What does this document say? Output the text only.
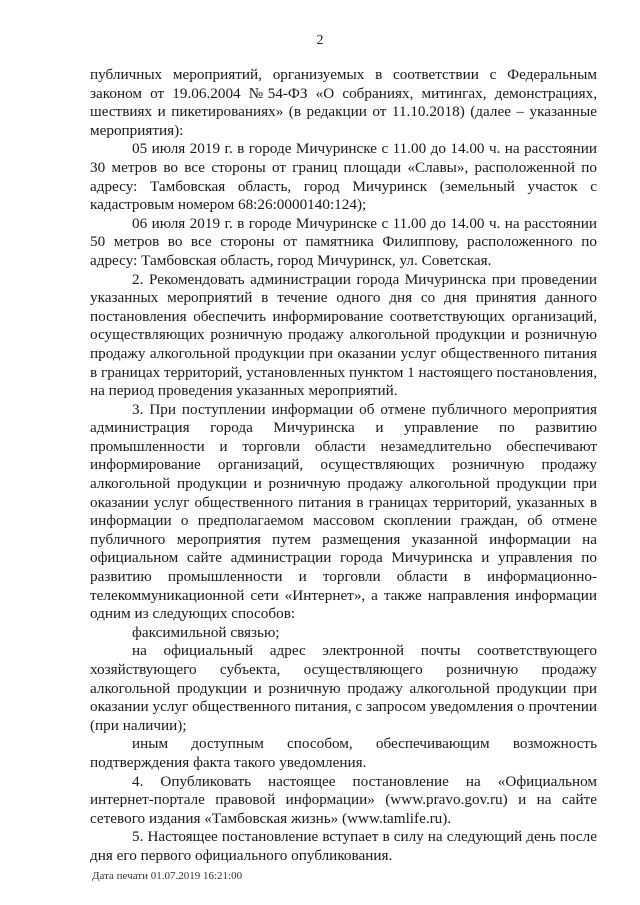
2

публичных мероприятий, организуемых в соответствии с Федеральным законом от 19.06.2004 №54-ФЗ «О собраниях, митингах, демонстрациях, шествиях и пикетированиях» (в редакции от 11.10.2018) (далее – указанные мероприятия):

05 июля 2019 г. в городе Мичуринске с 11.00 до 14.00 ч. на расстоянии 30 метров во все стороны от границ площади «Славы», расположенной по адресу: Тамбовская область, город Мичуринск (земельный участок с кадастровым номером 68:26:0000140:124);

06 июля 2019 г. в городе Мичуринске с 11.00 до 14.00 ч. на расстоянии 50 метров во все стороны от памятника Филиппову, расположенного по адресу: Тамбовская область, город Мичуринск, ул. Советская.

2. Рекомендовать администрации города Мичуринска при проведении указанных мероприятий в течение одного дня со дня принятия данного постановления обеспечить информирование соответствующих организаций, осуществляющих розничную продажу алкогольной продукции и розничную продажу алкогольной продукции при оказании услуг общественного питания в границах территорий, установленных пунктом 1 настоящего постановления, на период проведения указанных мероприятий.

3. При поступлении информации об отмене публичного мероприятия администрация города Мичуринска и управление по развитию промышленности и торговли области незамедлительно обеспечивают информирование организаций, осуществляющих розничную продажу алкогольной продукции и розничную продажу алкогольной продукции при оказании услуг общественного питания в границах территорий, указанных в информации о предполагаемом массовом скоплении граждан, об отмене публичного мероприятия путем размещения указанной информации на официальном сайте администрации города Мичуринска и управления по развитию промышленности и торговли области в информационно-телекоммуникационной сети «Интернет», а также направления информации одним из следующих способов:

факсимильной связью;

на официальный адрес электронной почты соответствующего хозяйствующего субъекта, осуществляющего розничную продажу алкогольной продукции и розничную продажу алкогольной продукции при оказании услуг общественного питания, с запросом уведомления о прочтении (при наличии);

иным доступным способом, обеспечивающим возможность подтверждения факта такого уведомления.

4. Опубликовать настоящее постановление на «Официальном интернет-портале правовой информации» (www.pravo.gov.ru) и на сайте сетевого издания «Тамбовская жизнь» (www.tamlife.ru).

5. Настоящее постановление вступает в силу на следующий день после дня его первого официального опубликования.

Дата печати 01.07.2019 16:21:00
